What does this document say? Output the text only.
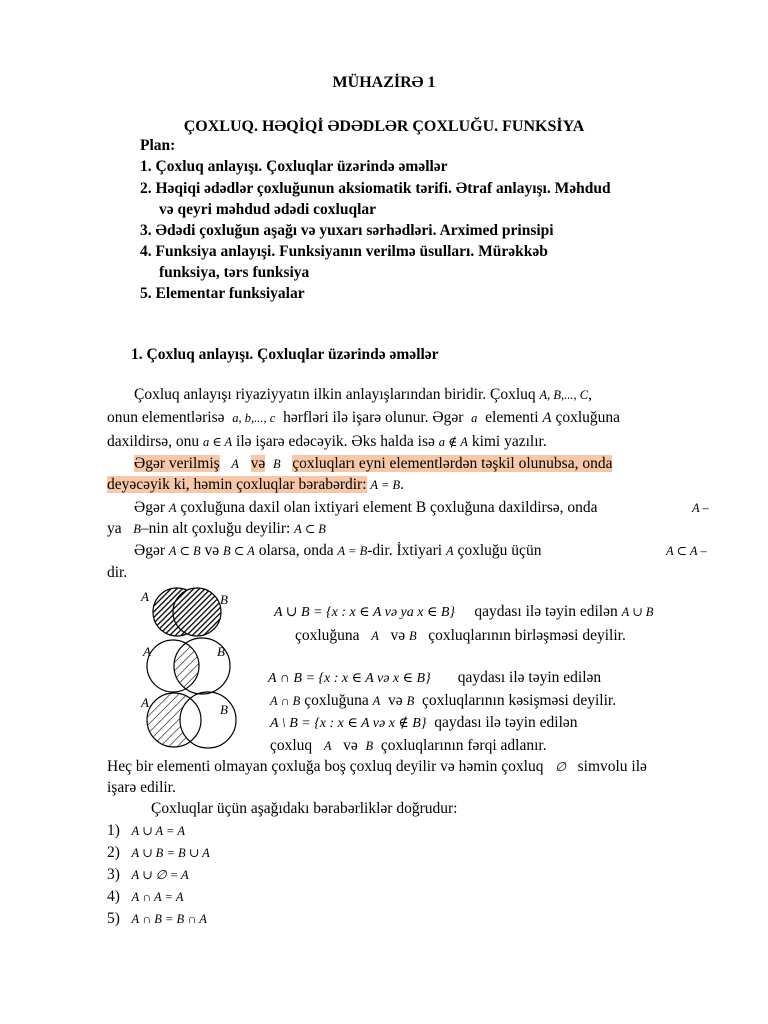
MÜHAZİRƏ 1
ÇOXLUQ. HƏQİQİ ƏDƏDLƏR ÇOXLUĞU. FUNKSİYA
Plan:
1. Çoxluq anlayışı. Çoxluqlar üzərində əməllər
2. Həqiqi ədədlər çoxluğunun aksiomatik tərifi. Ətraf anlayışı. Məhdud
və qeyri məhdud ədədi coxluqlar
3. Ədədi çoxluğun aşağı və yuxarı sərhədləri. Arximed prinsipi
4. Funksiya anlayışi. Funksiyanın verilmə üsulları. Mürəkkəb
funksiya, tərs funksiya
5. Elementar funksiyalar
1. Çoxluq anlayışı. Çoxluqlar üzərində əməllər
Çoxluq anlayışı riyaziyyatın ilkin anlayışlarından biridir. Çoxluq A, B,..., C,
onun elementlərisə a, b,..., c hərfləri ilə işarə olunur. Əgər a elementi A çoxluğuna
daxildirsə, onu a ∈ A ilə işarə edəcəyik. Əks halda isə a ∉ A kimi yazılır.
Əgər verilmiş A və B çoxluqları eyni elementlərdən təşkil olunubsa, onda
deyəcəyik ki, həmin çoxluqlar bərabərdir: A = B.
Əgər A çoxluğuna daxil olan ixtiyari element B çoxluğuna daxildirsə, onda	A –
ya B–nin alt çoxluğu deyilir: A ⊂ B
Əgər A ⊂ B və B ⊂ A olarsa, onda A = B-dir. İxtiyari A çoxluğu üçün	A ⊂ A –
dir.
A	B
A	B
A	B
A ∪ B = {x : x ∈ A və ya x ∈ B} qaydası ilə təyin edilən A ∪ B
çoxluğuna A və B çoxluqlarının birləşməsi deyilir.
A ∩ B = {x : x ∈ A və x ∈ B} qaydası ilə təyin edilən
A ∩ B çoxluğuna A və B çoxluqlarının kəsişməsi deyilir.
A \ B = {x : x ∈ A və x ∉ B} qaydası ilə təyin edilən
çoxluq A və B çoxluqlarının fərqi adlanır.
Heç bir elementi olmayan çoxluğa boş çoxluq deyilir və həmin çoxluq ∅ simvolu ilə
işarə edilir.
Çoxluqlar üçün aşağıdakı bərabərliklər doğrudur:
1) A ∪ A = A
2) A ∪ B = B ∪ A
3) A ∪ ∅ = A
4) A ∩ A = A
5) A ∩ B = B ∩ A
